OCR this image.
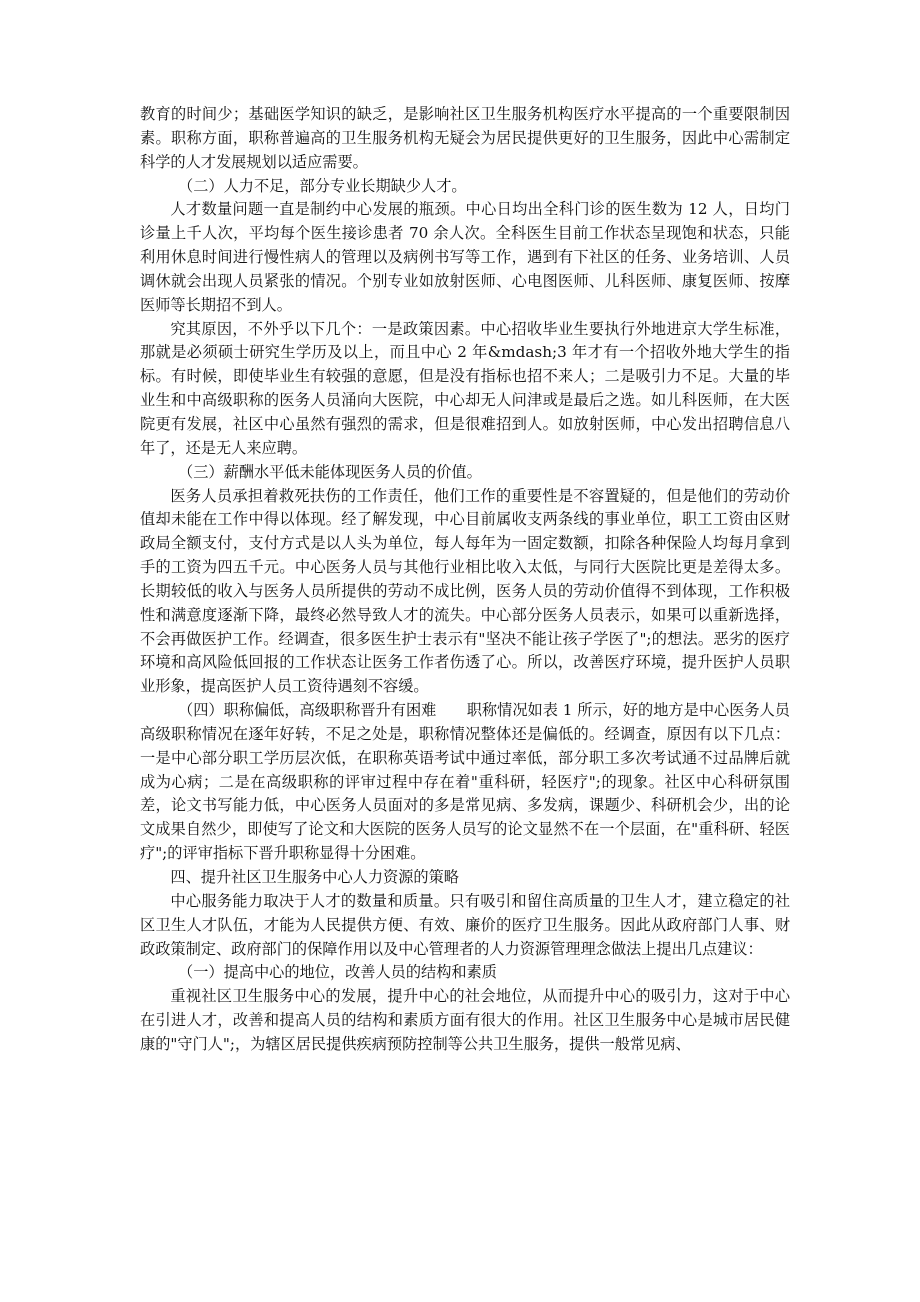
教育的时间少；基础医学知识的缺乏，是影响社区卫生服务机构医疗水平提高的一个重要限制因素。职称方面，职称普遍高的卫生服务机构无疑会为居民提供更好的卫生服务，因此中心需制定科学的人才发展规划以适应需要。

（二）人力不足，部分专业长期缺少人才。

人才数量问题一直是制约中心发展的瓶颈。中心日均出全科门诊的医生数为 12 人，日均门诊量上千人次，平均每个医生接诊患者 70 余人次。全科医生目前工作状态呈现饱和状态，只能利用休息时间进行慢性病人的管理以及病例书写等工作，遇到有下社区的任务、业务培训、人员调休就会出现人员紧张的情况。个别专业如放射医师、心电图医师、儿科医师、康复医师、按摩医师等长期招不到人。

究其原因，不外乎以下几个：一是政策因素。中心招收毕业生要执行外地进京大学生标准，那就是必须硕士研究生学历及以上，而且中心 2 年&mdash;3 年才有一个招收外地大学生的指标。有时候，即使毕业生有较强的意愿，但是没有指标也招不来人；二是吸引力不足。大量的毕业生和中高级职称的医务人员涌向大医院，中心却无人问津或是最后之选。如儿科医师，在大医院更有发展，社区中心虽然有强烈的需求，但是很难招到人。如放射医师，中心发出招聘信息八年了，还是无人来应聘。

（三）薪酬水平低未能体现医务人员的价值。

医务人员承担着救死扶伤的工作责任，他们工作的重要性是不容置疑的，但是他们的劳动价值却未能在工作中得以体现。经了解发现，中心目前属收支两条线的事业单位，职工工资由区财政局全额支付，支付方式是以人头为单位，每人每年为一固定数额，扣除各种保险人均每月拿到手的工资为四五千元。中心医务人员与其他行业相比收入太低，与同行大医院比更是差得太多。长期较低的收入与医务人员所提供的劳动不成比例，医务人员的劳动价值得不到体现，工作积极性和满意度逐渐下降，最终必然导致人才的流失。中心部分医务人员表示，如果可以重新选择，不会再做医护工作。经调查，很多医生护士表示有"坚决不能让孩子学医了";的想法。恶劣的医疗环境和高风险低回报的工作状态让医务工作者伤透了心。所以，改善医疗环境，提升医护人员职业形象，提高医护人员工资待遇刻不容缓。

（四）职称偏低，高级职称晋升有困难　　职称情况如表 1 所示，好的地方是中心医务人员高级职称情况在逐年好转，不足之处是，职称情况整体还是偏低的。经调查，原因有以下几点：一是中心部分职工学历层次低，在职称英语考试中通过率低，部分职工多次考试通不过品牌后就成为心病；二是在高级职称的评审过程中存在着"重科研，轻医疗";的现象。社区中心科研氛围差，论文书写能力低，中心医务人员面对的多是常见病、多发病，课题少、科研机会少，出的论文成果自然少，即使写了论文和大医院的医务人员写的论文显然不在一个层面，在"重科研、轻医疗";的评审指标下晋升职称显得十分困难。

四、提升社区卫生服务中心人力资源的策略

中心服务能力取决于人才的数量和质量。只有吸引和留住高质量的卫生人才，建立稳定的社区卫生人才队伍，才能为人民提供方便、有效、廉价的医疗卫生服务。因此从政府部门人事、财政政策制定、政府部门的保障作用以及中心管理者的人力资源管理理念做法上提出几点建议：

（一）提高中心的地位，改善人员的结构和素质

重视社区卫生服务中心的发展，提升中心的社会地位，从而提升中心的吸引力，这对于中心在引进人才，改善和提高人员的结构和素质方面有很大的作用。社区卫生服务中心是城市居民健康的"守门人";，为辖区居民提供疾病预防控制等公共卫生服务，提供一般常见病、
